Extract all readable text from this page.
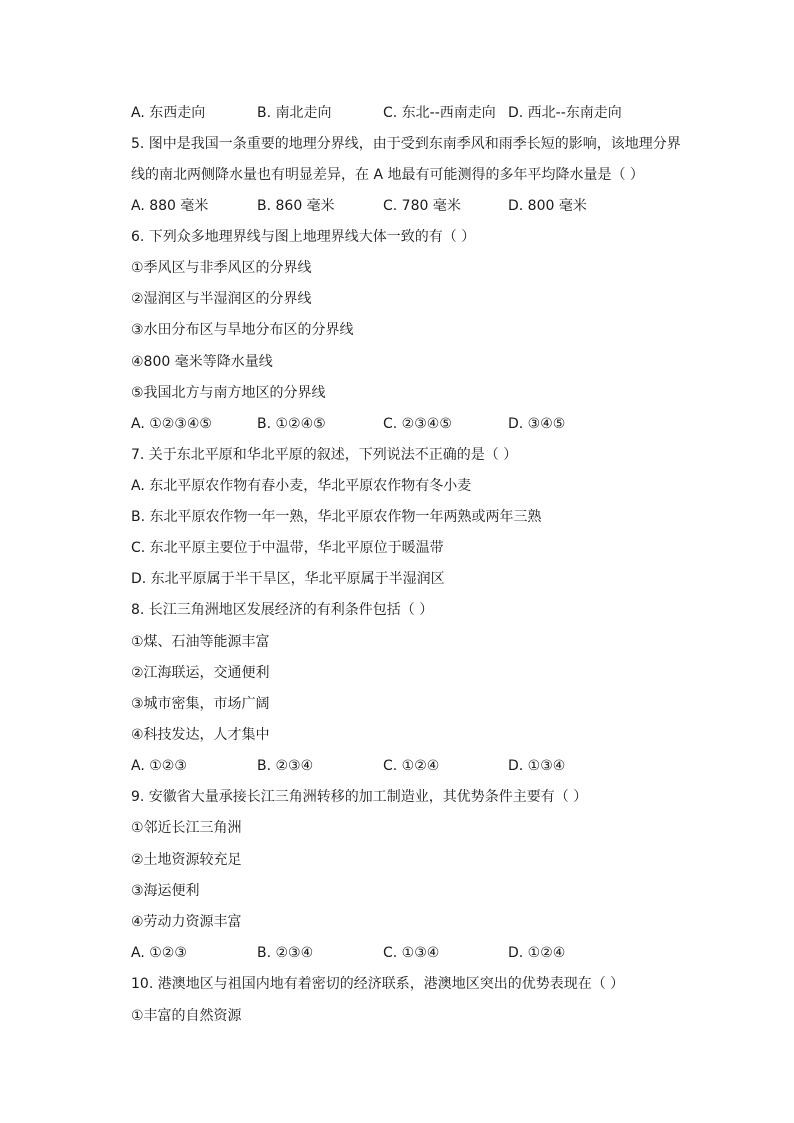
A. 东西走向	B. 南北走向	C. 东北--西南走向 D. 西北--东南走向
5. 图中是我国一条重要的地理分界线，由于受到东南季风和雨季长短的影响，该地理分界
线的南北两侧降水量也有明显差异，在 A 地最有可能测得的多年平均降水量是（ ）
A. 880 毫米	B. 860 毫米	C. 780 毫米	D. 800 毫米
6. 下列众多地理界线与图上地理界线大体一致的有（ ）
①季风区与非季风区的分界线
②湿润区与半湿润区的分界线
③水田分布区与旱地分布区的分界线
④800 毫米等降水量线
⑤我国北方与南方地区的分界线
A. ①②③④⑤	B. ①②④⑤	C. ②③④⑤	D. ③④⑤
7. 关于东北平原和华北平原的叙述，下列说法不正确的是（ ）
A. 东北平原农作物有春小麦，华北平原农作物有冬小麦
B. 东北平原农作物一年一熟，华北平原农作物一年两熟或两年三熟
C. 东北平原主要位于中温带，华北平原位于暖温带
D. 东北平原属于半干旱区，华北平原属于半湿润区
8. 长江三角洲地区发展经济的有利条件包括（ ）
①煤、石油等能源丰富
②江海联运，交通便利
③城市密集，市场广阔
④科技发达，人才集中
A. ①②③	B. ②③④	C. ①②④	D. ①③④
9. 安徽省大量承接长江三角洲转移的加工制造业，其优势条件主要有（ ）
①邻近长江三角洲
②土地资源较充足
③海运便利
④劳动力资源丰富
A. ①②③	B. ②③④	C. ①③④	D. ①②④
10. 港澳地区与祖国内地有着密切的经济联系，港澳地区突出的优势表现在（ ）
①丰富的自然资源
